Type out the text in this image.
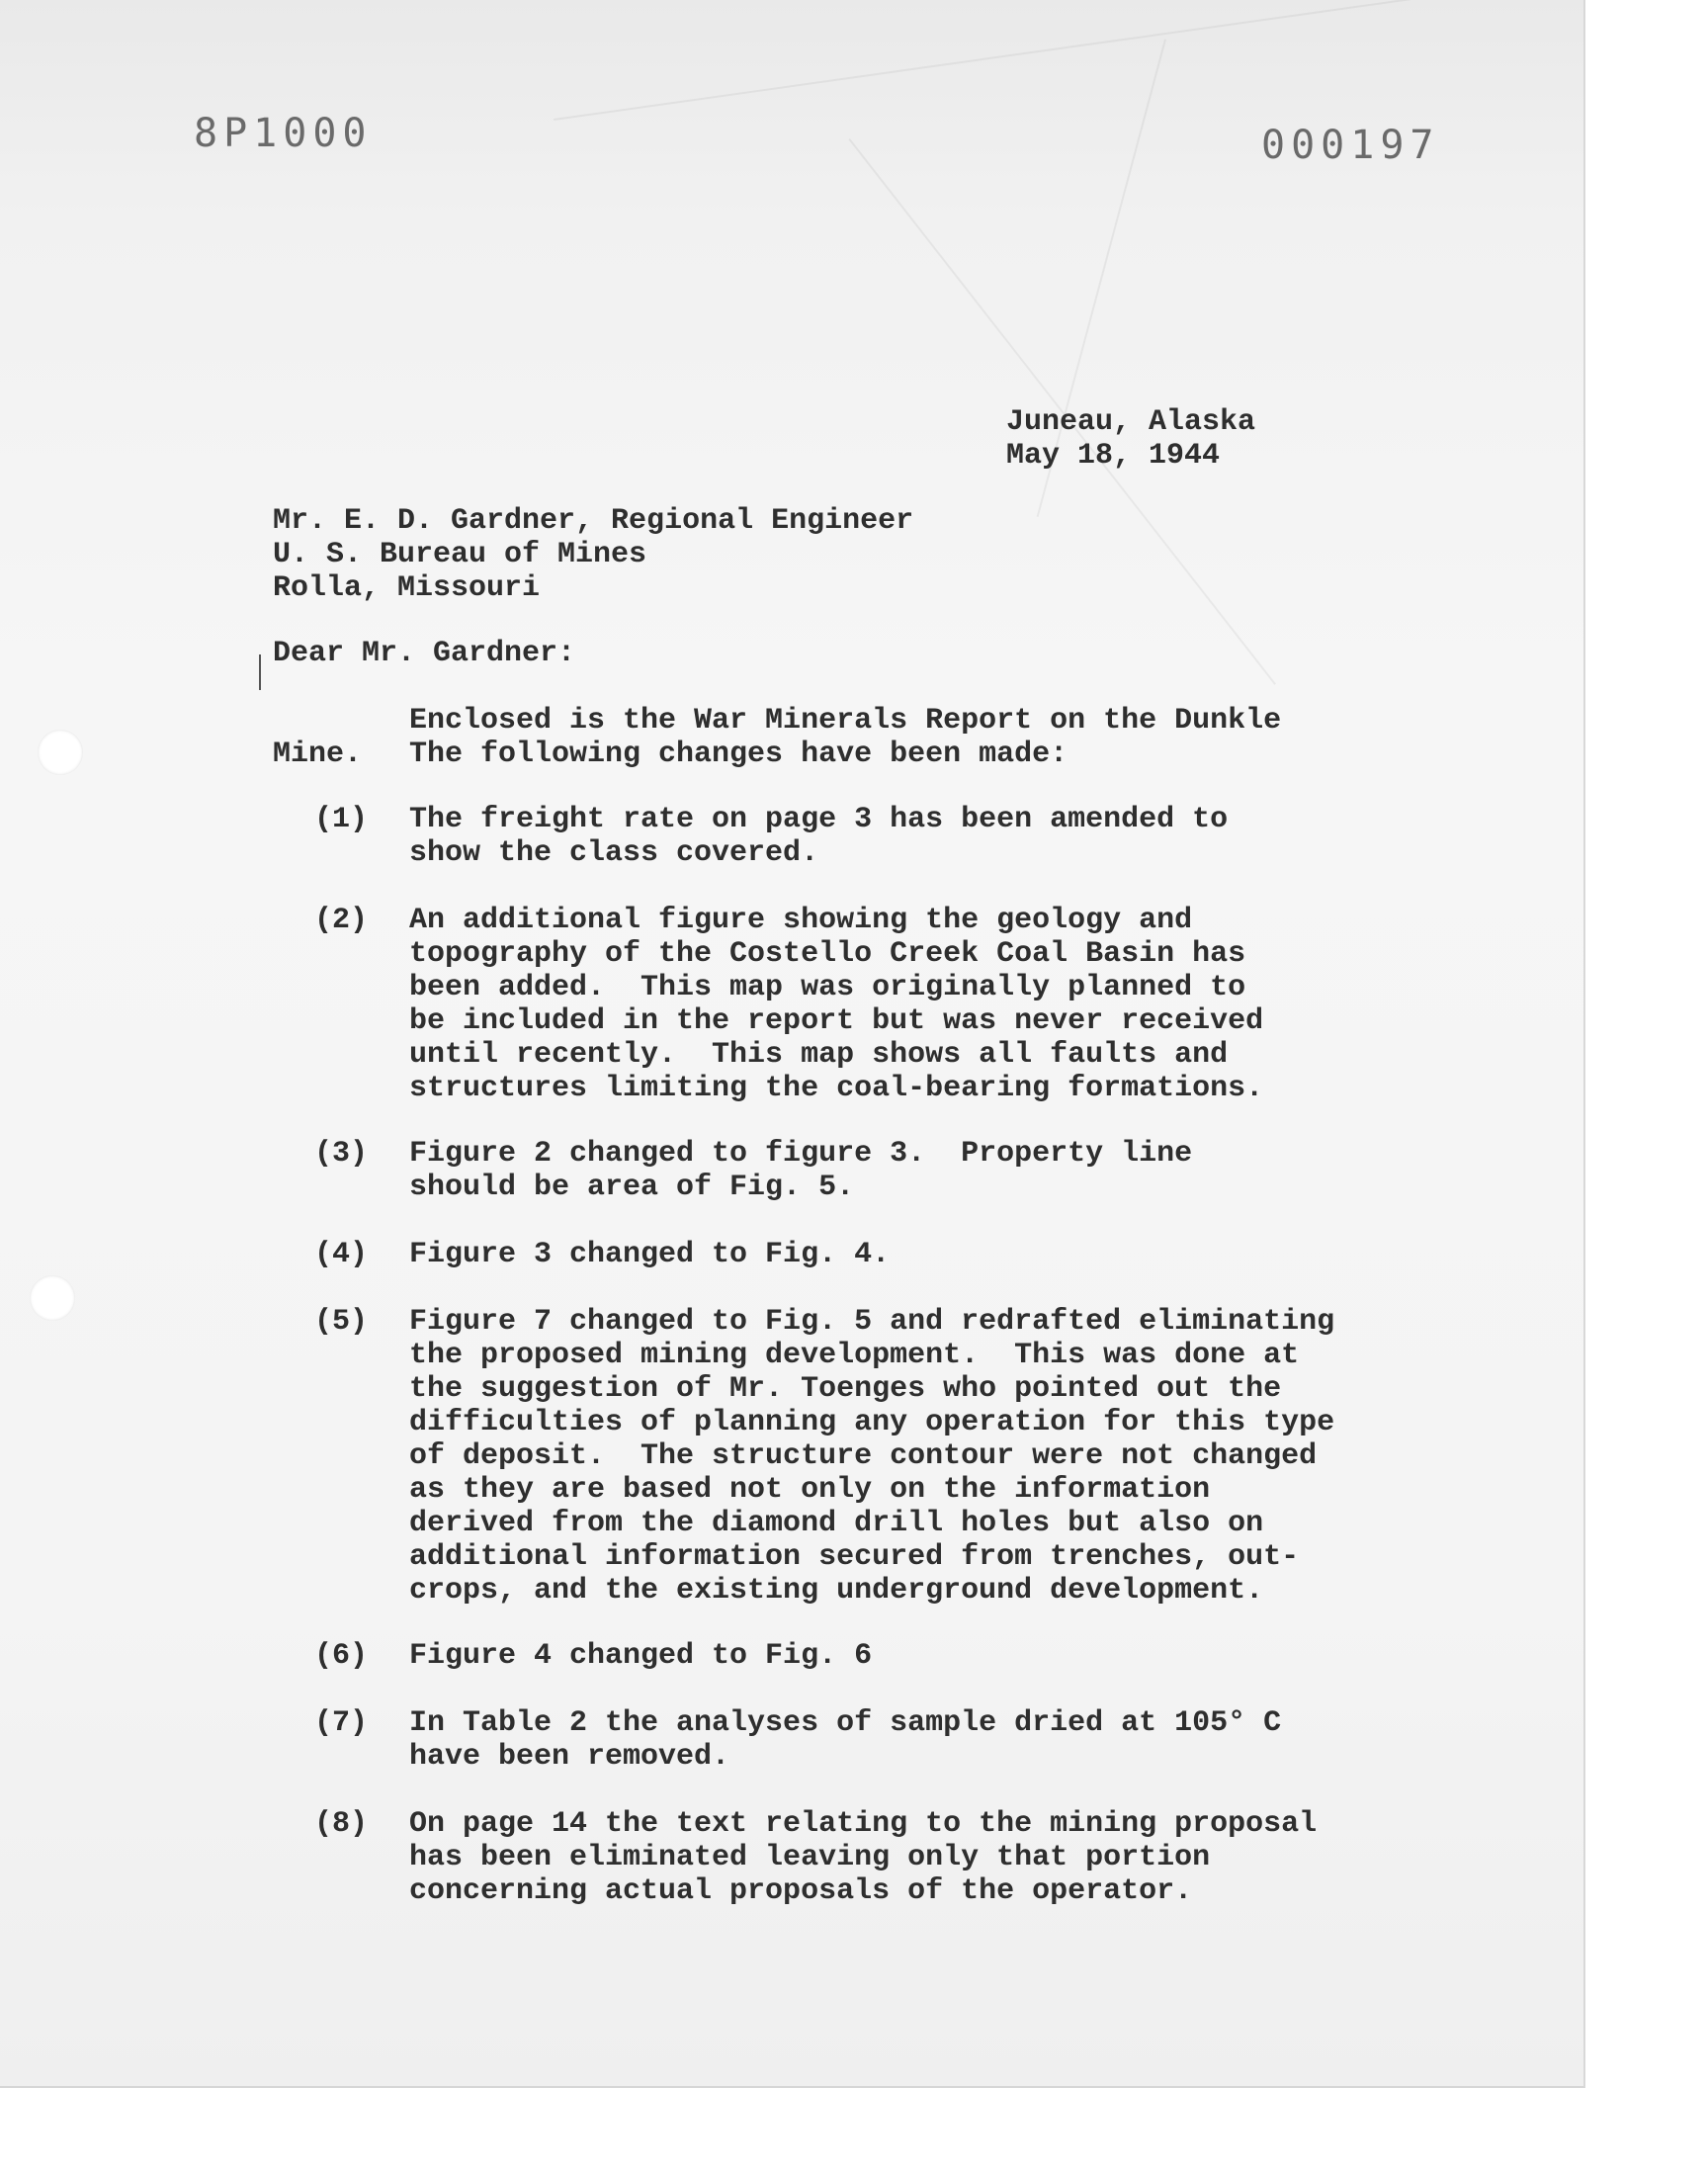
8P1000	000197
Juneau, Alaska
May 18, 1944
Mr. E. D. Gardner, Regional Engineer
U. S. Bureau of Mines
Rolla, Missouri
Dear Mr. Gardner:
Enclosed is the War Minerals Report on the Dunkle
Mine. The following changes have been made:
(1) The freight rate on page 3 has been amended to
show the class covered.
(2) An additional figure showing the geology and
topography of the Costello Creek Coal Basin has
been added.  This map was originally planned to
be included in the report but was never received
until recently.  This map shows all faults and
structures limiting the coal-bearing formations.
(3) Figure 2 changed to figure 3.  Property line
should be area of Fig. 5.
(4) Figure 3 changed to Fig. 4.
(5) Figure 7 changed to Fig. 5 and redrafted eliminating
the proposed mining development.  This was done at
the suggestion of Mr. Toenges who pointed out the
difficulties of planning any operation for this type
of deposit.  The structure contour were not changed
as they are based not only on the information
derived from the diamond drill holes but also on
additional information secured from trenches, out-
crops, and the existing underground development.
(6) Figure 4 changed to Fig. 6
(7) In Table 2 the analyses of sample dried at 105° C
have been removed.
(8) On page 14 the text relating to the mining proposal
has been eliminated leaving only that portion
concerning actual proposals of the operator.
